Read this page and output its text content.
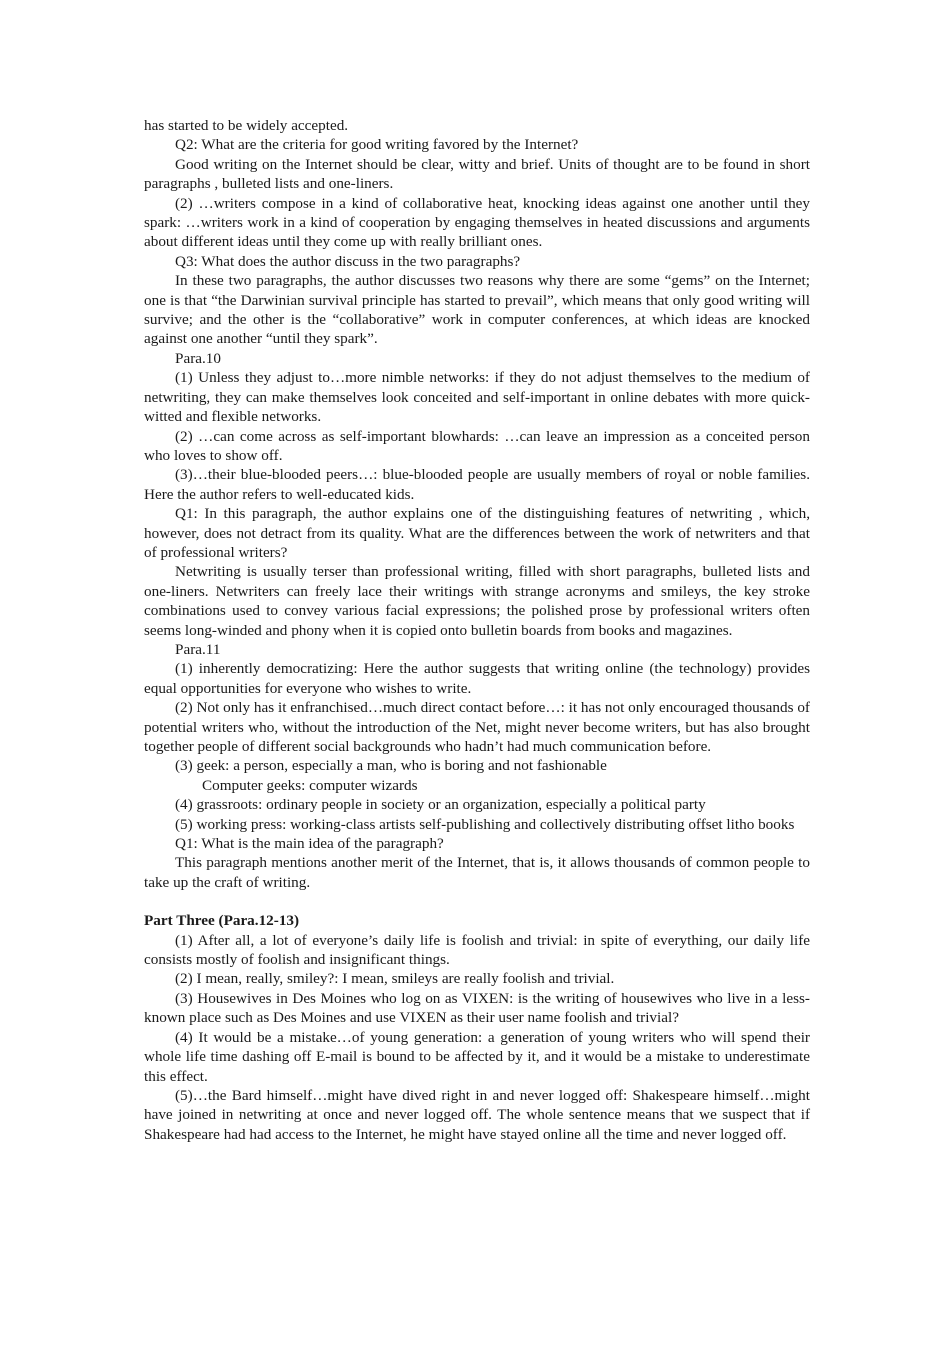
has started to be widely accepted.

Q2: What are the criteria for good writing favored by the Internet?

Good writing on the Internet should be clear, witty and brief. Units of thought are to be found in short paragraphs , bulleted lists and one-liners.

(2) …writers compose in a kind of collaborative heat, knocking ideas against one another until they spark: …writers work in a kind of cooperation by engaging themselves in heated discussions and arguments about different ideas until they come up with really brilliant ones.

Q3: What does the author discuss in the two paragraphs?

In these two paragraphs, the author discusses two reasons why there are some “gems” on the Internet; one is that “the Darwinian survival principle has started to prevail”, which means that only good writing will survive; and the other is the “collaborative” work in computer conferences, at which ideas are knocked against one another “until they spark”.

Para.10

(1) Unless they adjust to…more nimble networks: if they do not adjust themselves to the medium of netwriting, they can make themselves look conceited and self-important in online debates with more quick-witted and flexible networks.

(2) …can come across as self-important blowhards: …can leave an impression as a conceited person who loves to show off.

(3)…their blue-blooded peers…: blue-blooded people are usually members of royal or noble families. Here the author refers to well-educated kids.

Q1: In this paragraph, the author explains one of the distinguishing features of netwriting , which, however, does not detract from its quality. What are the differences between the work of netwriters and that of professional writers?

Netwriting is usually terser than professional writing, filled with short paragraphs, bulleted lists and one-liners. Netwriters can freely lace their writings with strange acronyms and smileys, the key stroke combinations used to convey various facial expressions; the polished prose by professional writers often seems long-winded and phony when it is copied onto bulletin boards from books and magazines.

Para.11

(1) inherently democratizing: Here the author suggests that writing online (the technology) provides equal opportunities for everyone who wishes to write.

(2) Not only has it enfranchised…much direct contact before…: it has not only encouraged thousands of potential writers who, without the introduction of the Net, might never become writers, but has also brought together people of different social backgrounds who hadn’t had much communication before.

(3) geek: a person, especially a man, who is boring and not fashionable

Computer geeks: computer wizards

(4) grassroots: ordinary people in society or an organization, especially a political party

(5) working press: working-class artists self-publishing and collectively distributing offset litho books

Q1: What is the main idea of the paragraph?

This paragraph mentions another merit of the Internet, that is, it allows thousands of common people to take up the craft of writing.

Part Three (Para.12-13)

(1) After all, a lot of everyone’s daily life is foolish and trivial: in spite of everything, our daily life consists mostly of foolish and insignificant things.

(2) I mean, really, smiley?: I mean, smileys are really foolish and trivial.

(3) Housewives in Des Moines who log on as VIXEN: is the writing of housewives who live in a less-known place such as Des Moines and use VIXEN as their user name foolish and trivial?

(4) It would be a mistake…of young generation: a generation of young writers who will spend their whole life time dashing off E-mail is bound to be affected by it, and it would be a mistake to underestimate this effect.

(5)…the Bard himself…might have dived right in and never logged off: Shakespeare himself…might have joined in netwriting at once and never logged off. The whole sentence means that we suspect that if Shakespeare had had access to the Internet, he might have stayed online all the time and never logged off.
